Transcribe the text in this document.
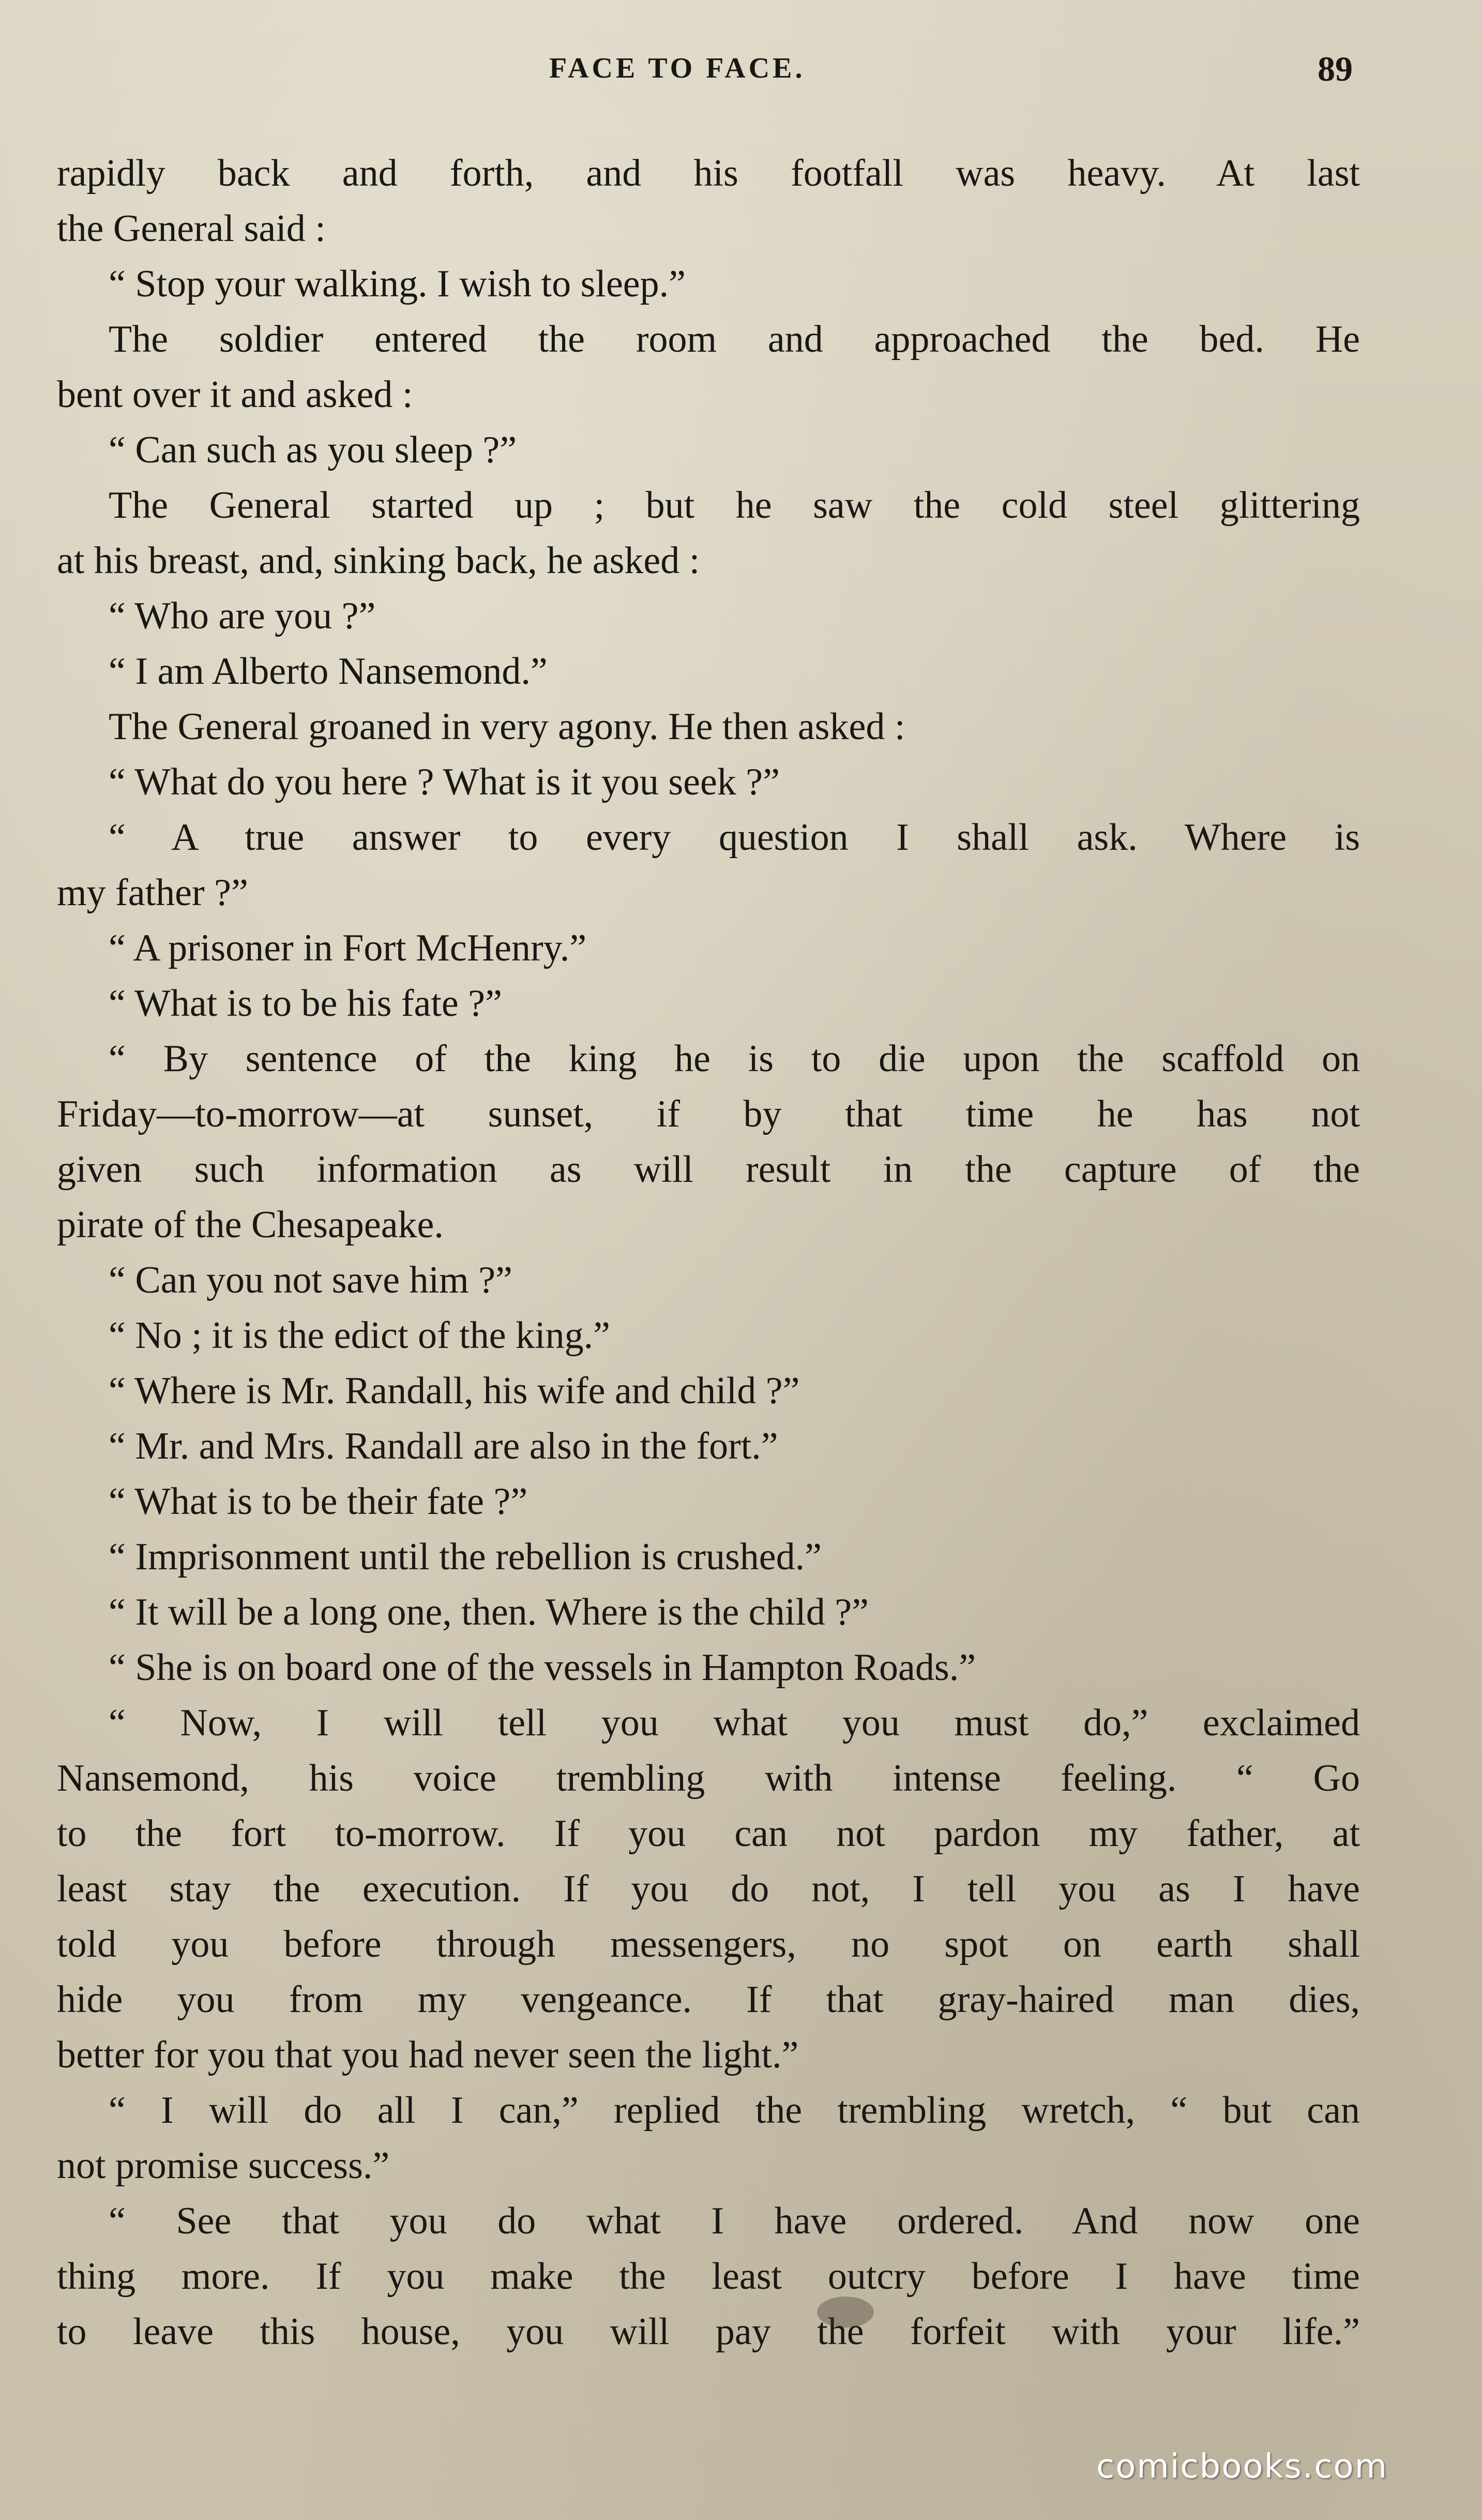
FACE TO FACE.	89
rapidly back and forth, and his footfall was heavy. At last
the General said :
“ Stop your walking. I wish to sleep.”
The soldier entered the room and approached the bed. He
bent over it and asked :
“ Can such as you sleep ?”
The General started up ; but he saw the cold steel glittering
at his breast, and, sinking back, he asked :
“ Who are you ?”
“ I am Alberto Nansemond.”
The General groaned in very agony. He then asked :
“ What do you here ? What is it you seek ?”
“ A true answer to every question I shall ask. Where is
my father ?”
“ A prisoner in Fort McHenry.”
“ What is to be his fate ?”
“ By sentence of the king he is to die upon the scaffold on
Friday—to-morrow—at sunset, if by that time he has not
given such information as will result in the capture of the
pirate of the Chesapeake.
“ Can you not save him ?”
“ No ; it is the edict of the king.”
“ Where is Mr. Randall, his wife and child ?”
“ Mr. and Mrs. Randall are also in the fort.”
“ What is to be their fate ?”
“ Imprisonment until the rebellion is crushed.”
“ It will be a long one, then. Where is the child ?”
“ She is on board one of the vessels in Hampton Roads.”
“ Now, I will tell you what you must do,” exclaimed
Nansemond, his voice trembling with intense feeling. “ Go
to the fort to-morrow. If you can not pardon my father, at
least stay the execution. If you do not, I tell you as I have
told you before through messengers, no spot on earth shall
hide you from my vengeance. If that gray-haired man dies,
better for you that you had never seen the light.”
“ I will do all I can,” replied the trembling wretch, “ but can
not promise success.”
“ See that you do what I have ordered. And now one
thing more. If you make the least outcry before I have time
to leave this house, you will pay the forfeit with your life.”
comicbooks.com
